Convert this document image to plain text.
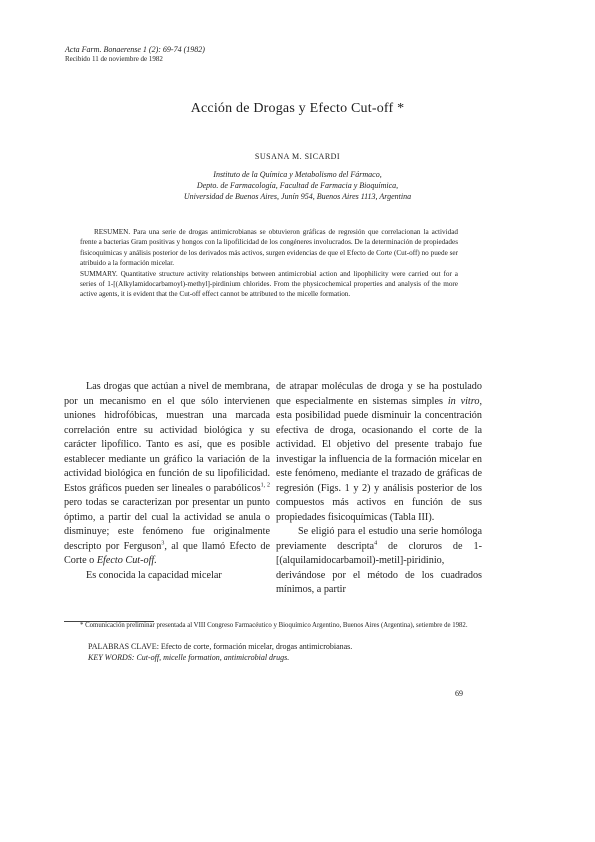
Acta Farm. Bonaerense 1 (2): 69-74 (1982)
Recibido 11 de noviembre de 1982
Acción de Drogas y Efecto Cut-off *
SUSANA M. SICARDI
Instituto de la Química y Metabolismo del Fármaco,
Depto. de Farmacología, Facultad de Farmacia y Bioquímica,
Universidad de Buenos Aires, Junín 954, Buenos Aires 1113, Argentina

RESUMEN. Para una serie de drogas antimicrobianas se obtuvieron gráficas de regresión que correlacionan la actividad frente a bacterias Gram positivas y hongos con la lipofilicidad de los congéneres involucrados. De la determinación de propiedades fisicoquímicas y análisis posterior de los derivados más activos, surgen evidencias de que el Efecto de Corte (Cut-off) no puede ser atribuido a la formación micelar.

SUMMARY. Quantitative structure activity relationships between antimicrobial action and lipophilicity were carried out for a series of 1-[(Alkylamidocarbamoyl)-methyl]-pirdinium chlorides. From the physicochemical properties and analysis of the more active agents, it is evident that the Cut-off effect cannot be attributed to the micelle formation.

Las drogas que actúan a nivel de membrana, por un mecanismo en el que sólo intervienen uniones hidrofóbicas, muestran una marcada correlación entre su actividad biológica y su carácter lipofílico. Tanto es así, que es posible establecer mediante un gráfico la variación de la actividad biológica en función de su lipofilicidad. Estos gráficos pueden ser lineales o parabólicos$^{1, 2}$ pero todas se caracterizan por presentar un punto óptimo, a partir del cual la actividad se anula o disminuye; este fenómeno fue originalmente descripto por Ferguson$^3$, al que llamó Efecto de Corte o Efecto Cut-off.

Es conocida la capacidad micelar

de atrapar moléculas de droga y se ha postulado que especialmente en sistemas simples in vitro, esta posibilidad puede disminuir la concentración efectiva de droga, ocasionando el corte de la actividad. El objetivo del presente trabajo fue investigar la influencia de la formación micelar en este fenómeno, mediante el trazado de gráficas de regresión (Figs. 1 y 2) y análisis posterior de los compuestos más activos en función de sus propiedades fisicoquímicas (Tabla III).

Se eligió para el estudio una serie homóloga previamente descripta$^4$ de cloruros de 1-[(alquilamidocarbamoil)-metil]-piridinio, derivándose por el método de los cuadrados mínimos, a partir

* Comunicación preliminar presentada al VIII Congreso Farmacéutico y Bioquímico Argentino, Buenos Aires (Argentina), setiembre de 1982.

PALABRAS CLAVE: Efecto de corte, formación micelar, drogas antimicrobianas.

KEY WORDS: Cut-off, micelle formation, antimicrobial drugs.

69
